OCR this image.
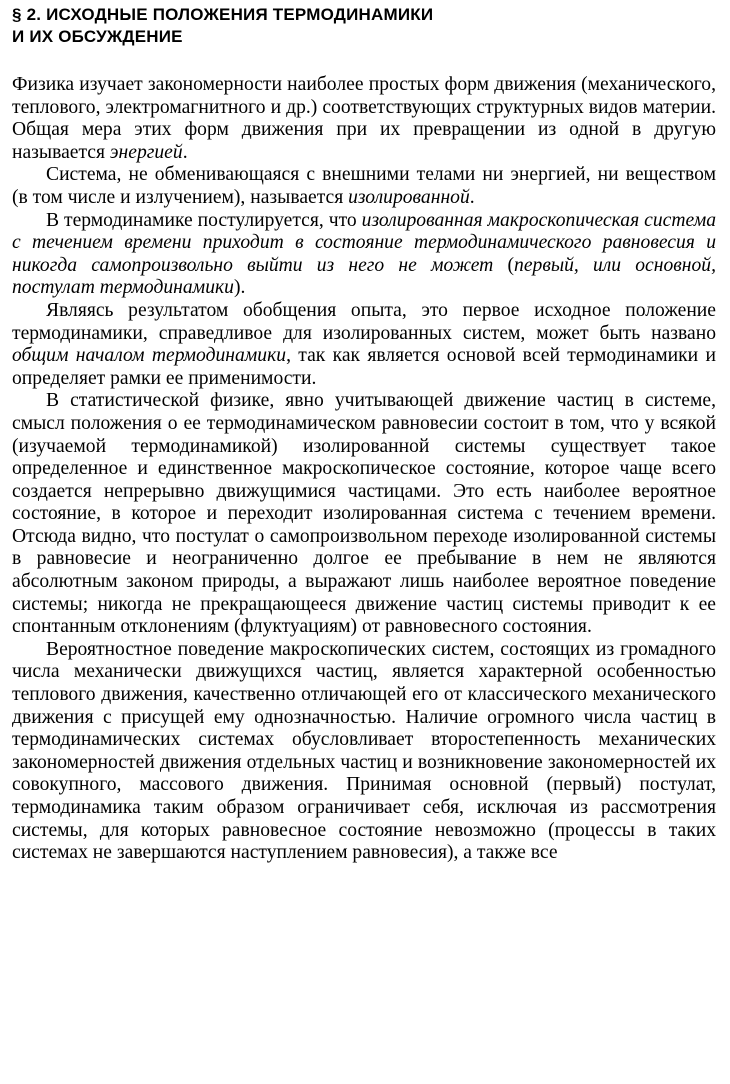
§ 2. ИСХОДНЫЕ ПОЛОЖЕНИЯ ТЕРМОДИНАМИКИ
И ИХ ОБСУЖДЕНИЕ

Физика изучает закономерности наиболее простых форм движения (механического, теплового, электромагнитного и др.) соответствующих структурных видов материи. Общая мера этих форм движения при их превращении из одной в другую называется энергией.

Система, не обменивающаяся с внешними телами ни энергией, ни веществом (в том числе и излучением), называется изолированной.

В термодинамике постулируется, что изолированная макроскопическая система с течением времени приходит в состояние термодинамического равновесия и никогда самопроизвольно выйти из него не может (первый, или основной, постулат термодинамики).

Являясь результатом обобщения опыта, это первое исходное положение термодинамики, справедливое для изолированных систем, может быть названо общим началом термодинамики, так как является основой всей термодинамики и определяет рамки ее применимости.

В статистической физике, явно учитывающей движение частиц в системе, смысл положения о ее термодинамическом равновесии состоит в том, что у всякой (изучаемой термодинамикой) изолированной системы существует такое определенное и единственное макроскопическое состояние, которое чаще всего создается непрерывно движущимися частицами. Это есть наиболее вероятное состояние, в которое и переходит изолированная система с течением времени. Отсюда видно, что постулат о самопроизвольном переходе изолированной системы в равновесие и неограниченно долгое ее пребывание в нем не являются абсолютным законом природы, а выражают лишь наиболее вероятное поведение системы; никогда не прекращающееся движение частиц системы приводит к ее спонтанным отклонениям (флуктуациям) от равновесного состояния.

Вероятностное поведение макроскопических систем, состоящих из громадного числа механически движущихся частиц, является характерной особенностью теплового движения, качественно отличающей его от классического механического движения с присущей ему однозначностью. Наличие огромного числа частиц в термодинамических системах обусловливает второстепенность механических закономерностей движения отдельных частиц и возникновение закономерностей их совокупного, массового движения. Принимая основной (первый) постулат, термодинамика таким образом ограничивает себя, исключая из рассмотрения системы, для которых равновесное состояние невозможно (процессы в таких системах не завершаются наступлением равновесия), а также все
